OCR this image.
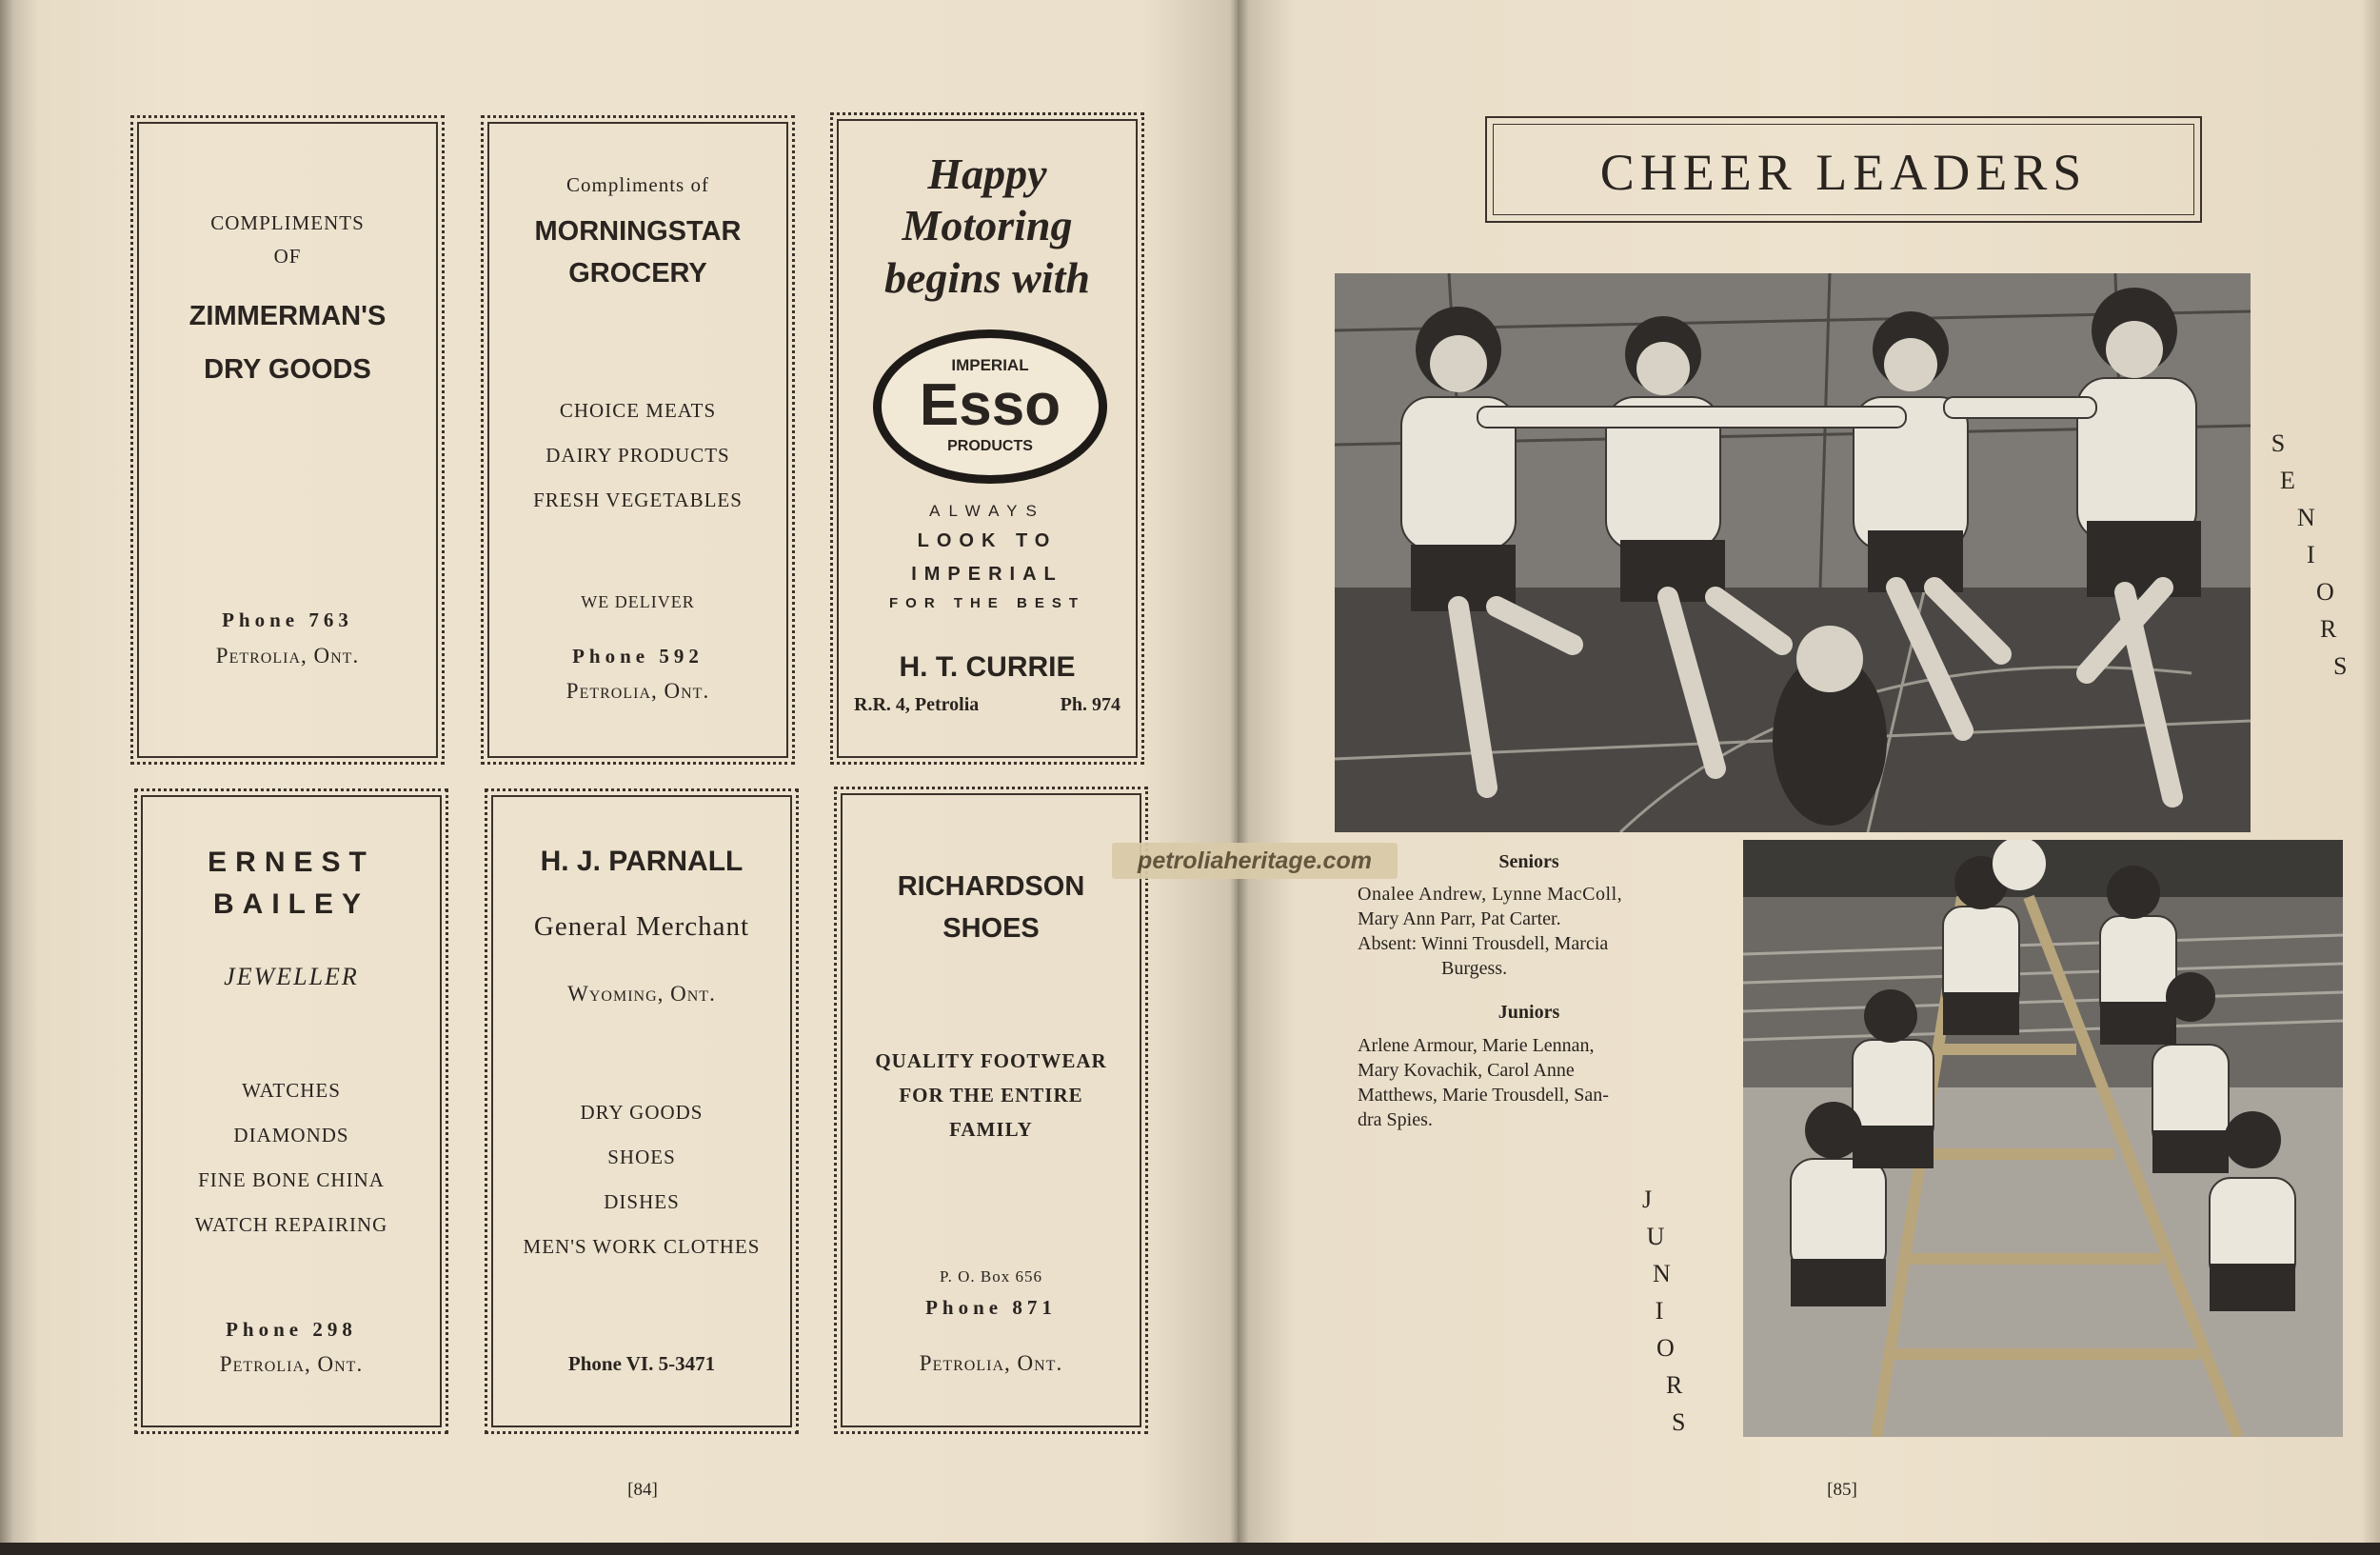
COMPLIMENTS
OF
ZIMMERMAN'S
DRY GOODS
Phone 763
Petrolia, Ont.
Compliments of
MORNINGSTAR
GROCERY
CHOICE MEATS
DAIRY PRODUCTS
FRESH VEGETABLES
WE DELIVER
Phone 592
Petrolia, Ont.
Happy
Motoring
begins with
IMPERIAL
Esso
PRODUCTS
ALWAYS
LOOK TO
IMPERIAL
FOR THE BEST
H. T. CURRIE
R.R. 4, Petrolia	Ph. 974
ERNEST
BAILEY
JEWELLER
WATCHES
DIAMONDS
FINE BONE CHINA
WATCH REPAIRING
Phone 298
Petrolia, Ont.
H. J. PARNALL
General Merchant
Wyoming, Ont.
DRY GOODS
SHOES
DISHES
MEN'S WORK CLOTHES
Phone VI. 5-3471
RICHARDSON
SHOES
QUALITY FOOTWEAR
FOR THE ENTIRE
FAMILY
P. O. Box 656
Phone 871
Petrolia, Ont.
[84]
CHEER LEADERS
S
E
N
I
O
R
S
Seniors
Onalee Andrew, Lynne MacColl,
Mary Ann Parr, Pat Carter.
Absent: Winni Trousdell, Marcia
Burgess.
Juniors
Arlene Armour, Marie Lennan,
Mary Kovachik, Carol Anne
Matthews, Marie Trousdell, San-
dra Spies.
J
U
N
I
O
R
S
[85]
petroliaheritage.com
